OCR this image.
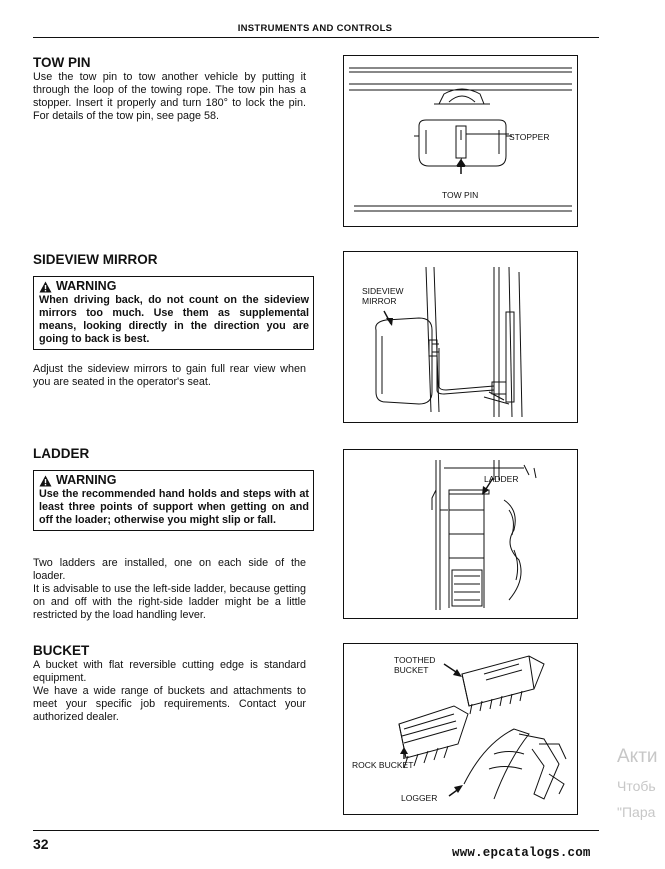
INSTRUMENTS AND CONTROLS
TOW PIN
Use the tow pin to tow another vehicle by putting it through the loop of the towing rope. The tow pin has a stopper. Insert it properly and turn 180° to lock the pin. For details of the tow pin, see page 58.
STOPPER
TOW PIN
SIDEVIEW MIRROR
WARNING
When driving back, do not count on the sideview mirrors too much. Use them as supplemental means, looking directly in the direction you are going to back is best.
Adjust the sideview mirrors to gain full rear view when you are seated in the operator's seat.
SIDEVIEW
MIRROR
LADDER
WARNING
Use the recommended hand holds and steps with at least three points of support when getting on and off the loader; otherwise you might slip or fall.
Two ladders are installed, one on each side of the loader.
It is advisable to use the left-side ladder, because getting on and off with the right-side ladder might be a little restricted by the load handling lever.
LADDER
BUCKET
A bucket with flat reversible cutting edge is standard equipment.
We have a wide range of buckets and attachments to meet your specific job requirements. Contact your authorized dealer.
TOOTHED
BUCKET
ROCK BUCKET
LOGGER
32
www.epcatalogs.com
Акти
Чтобь
"Пара
